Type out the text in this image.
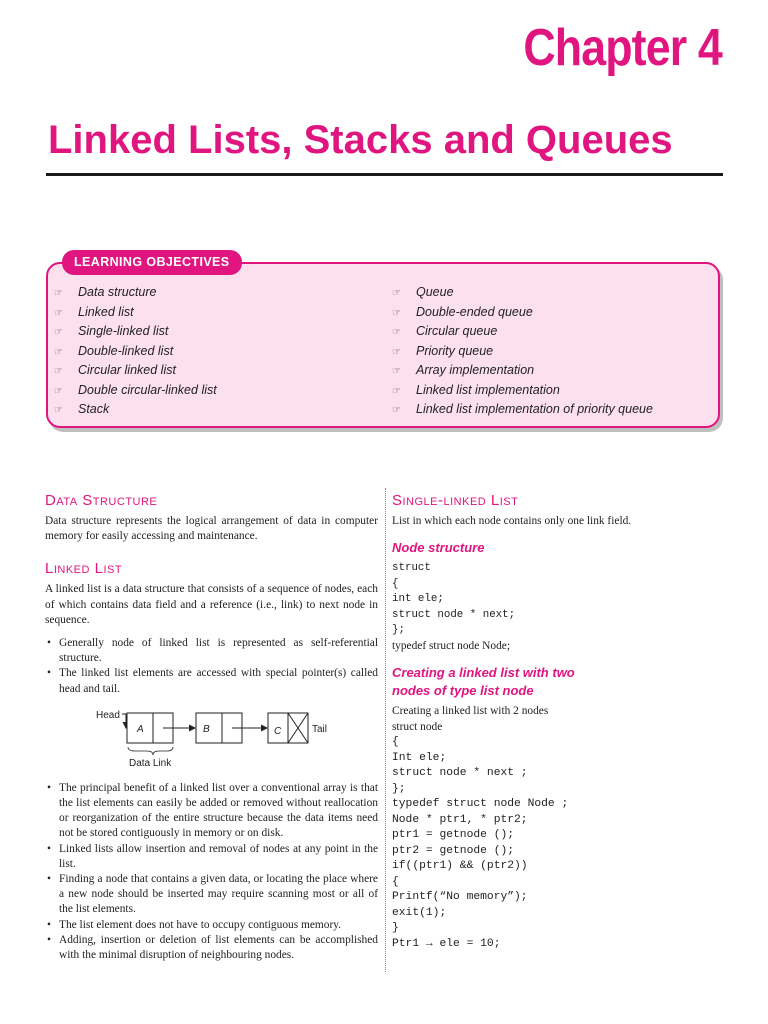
Chapter 4
Linked Lists, Stacks and Queues
LEARNING OBJECTIVES
☞ Data structure
☞ Linked list
☞ Single-linked list
☞ Double-linked list
☞ Circular linked list
☞ Double circular-linked list
☞ Stack
☞ Queue
☞ Double-ended queue
☞ Circular queue
☞ Priority queue
☞ Array implementation
☞ Linked list implementation
☞ Linked list implementation of priority queue
Data Structure

Data structure represents the logical arrangement of data in computer memory for easily accessing and maintenance.

Linked List

A linked list is a data structure that consists of a sequence of nodes, each of which contains data field and a reference (i.e., link) to next node in sequence.

• Generally node of linked list is represented as self-referential structure.
• The linked list elements are accessed with special pointer(s) called head and tail.
Head
A	B	C	Tail
Data Link
• The principal benefit of a linked list over a conventional array is that the list elements can easily be added or removed without reallocation or reorganization of the entire structure because the data items need not be stored contiguously in memory or on disk.
• Linked lists allow insertion and removal of nodes at any point in the list.
• Finding a node that contains a given data, or locating the place where a new node should be inserted may require scanning most or all of the list elements.
• The list element does not have to occupy contiguous memory.
• Adding, insertion or deletion of list elements can be accomplished with the minimal disruption of neighbouring nodes.
Single-linked List

List in which each node contains only one link field.

Node structure
struct
{
int ele;
struct node * next;
};
typedef struct node Node;
Creating a linked list with two nodes of type list node
Creating a linked list with 2 nodes
struct node
{
Int ele;
struct node * next ;
};
typedef struct node Node ;
Node * ptr1, * ptr2;
ptr1 = getnode ();
ptr2 = getnode ();
if((ptr1) && (ptr2))
{
Printf(“No memory”);
exit(1);
}
Ptr1 → ele = 10;
